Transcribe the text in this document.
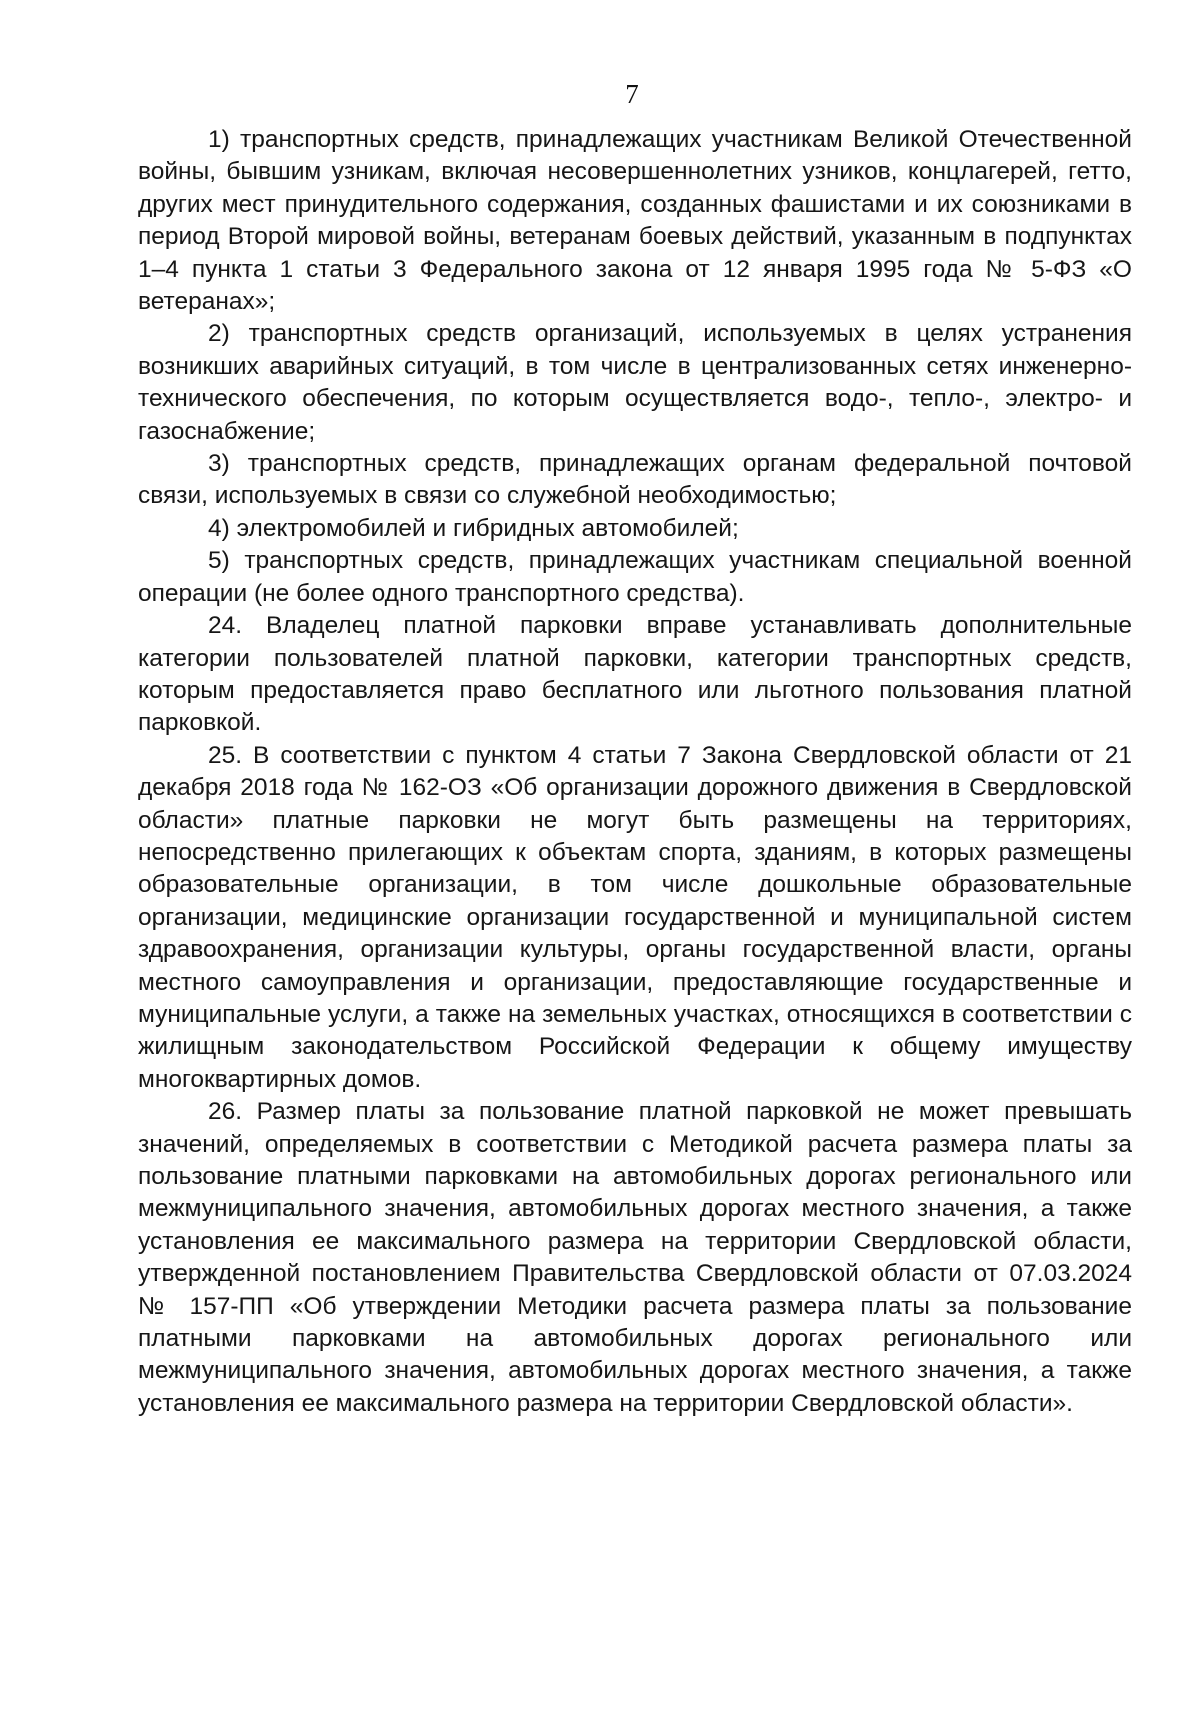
7

1) транспортных средств, принадлежащих участникам Великой Отечественной войны, бывшим узникам, включая несовершеннолетних узников, концлагерей, гетто, других мест принудительного содержания, созданных фашистами и их союзниками в период Второй мировой войны, ветеранам боевых действий, указанным в подпунктах 1–4 пункта 1 статьи 3 Федерального закона от 12 января 1995 года № 5-ФЗ «О ветеранах»;

2) транспортных средств организаций, используемых в целях устранения возникших аварийных ситуаций, в том числе в централизованных сетях инженерно-технического обеспечения, по которым осуществляется водо-, тепло-, электро- и газоснабжение;

3) транспортных средств, принадлежащих органам федеральной почтовой связи, используемых в связи со служебной необходимостью;

4) электромобилей и гибридных автомобилей;

5) транспортных средств, принадлежащих участникам специальной военной операции (не более одного транспортного средства).

24. Владелец платной парковки вправе устанавливать дополнительные категории пользователей платной парковки, категории транспортных средств, которым предоставляется право бесплатного или льготного пользования платной парковкой.

25. В соответствии с пунктом 4 статьи 7 Закона Свердловской области от 21 декабря 2018 года № 162-ОЗ «Об организации дорожного движения в Свердловской области» платные парковки не могут быть размещены на территориях, непосредственно прилегающих к объектам спорта, зданиям, в которых размещены образовательные организации, в том числе дошкольные образовательные организации, медицинские организации государственной и муниципальной систем здравоохранения, организации культуры, органы государственной власти, органы местного самоуправления и организации, предоставляющие государственные и муниципальные услуги, а также на земельных участках, относящихся в соответствии с жилищным законодательством Российской Федерации к общему имуществу многоквартирных домов.

26. Размер платы за пользование платной парковкой не может превышать значений, определяемых в соответствии с Методикой расчета размера платы за пользование платными парковками на автомобильных дорогах регионального или межмуниципального значения, автомобильных дорогах местного значения, а также установления ее максимального размера на территории Свердловской области, утвержденной постановлением Правительства Свердловской области от 07.03.2024 № 157-ПП «Об утверждении Методики расчета размера платы за пользование платными парковками на автомобильных дорогах регионального или межмуниципального значения, автомобильных дорогах местного значения, а также установления ее максимального размера на территории Свердловской области».
